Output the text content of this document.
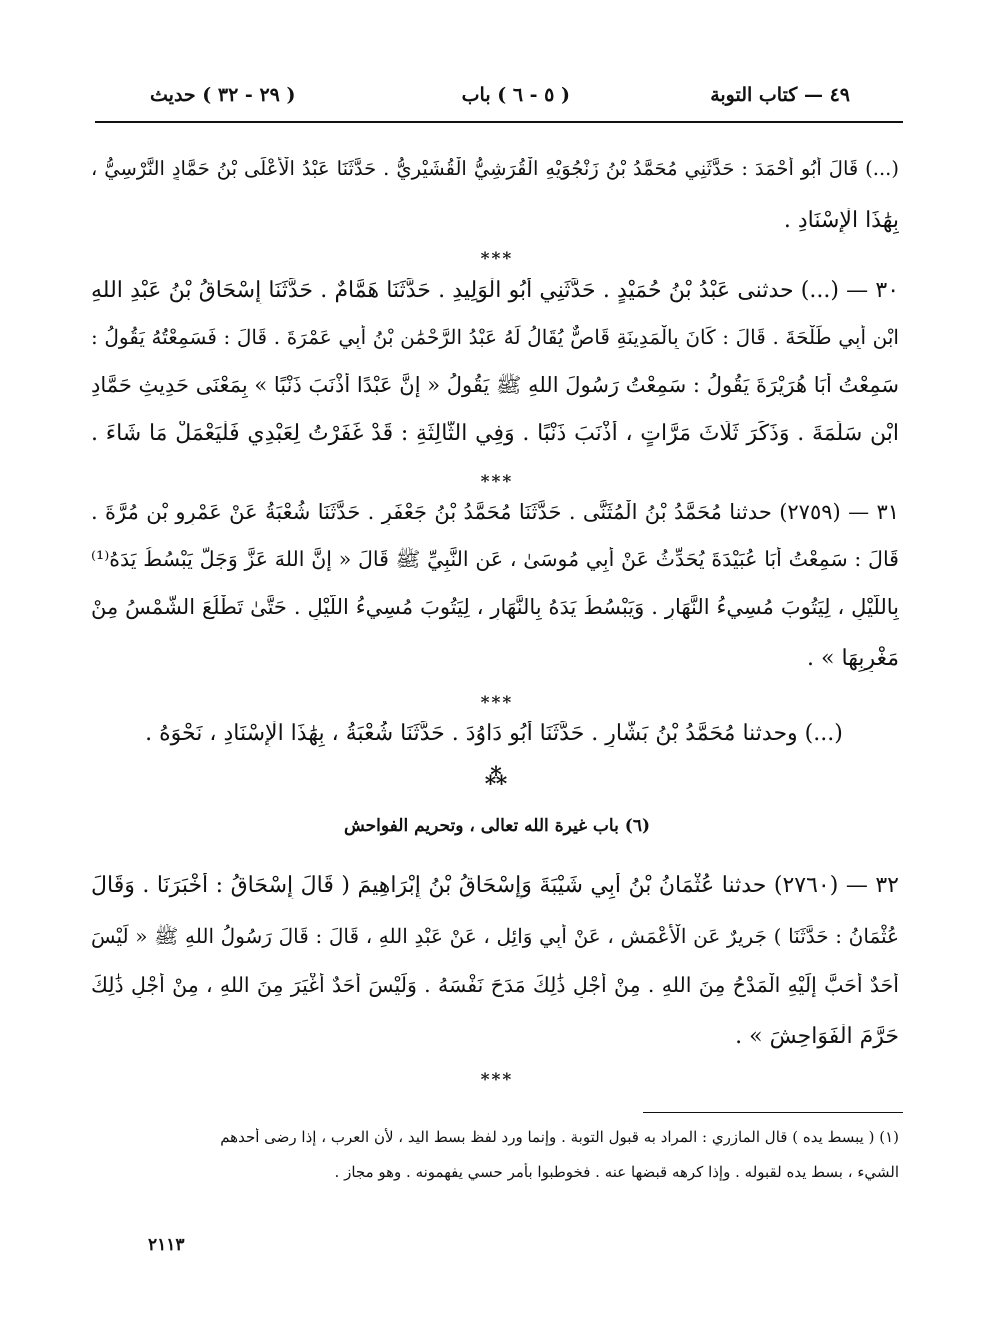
٤٩ — كتاب التوبة
( ٥ - ٦ ) باب
( ٢٩ - ٣٢ ) حديث
(...) قَالَ أَبُو أَحْمَدَ : حَدَّثَنِي مُحَمَّدُ بْنُ زَنْجُوَيْهِ الْقُرَشِيُّ الْقُشَيْرِيُّ . حَدَّثَنَا عَبْدُ الْأَعْلَى بْنُ حَمَّادٍ النَّرْسِيُّ ،
بِهَٰذَا الْإِسْنَادِ .
***
٣٠ — (...) حدثنى عَبْدُ بْنُ حُمَيْدٍ . حَدَّثَنِي أَبُو الْوَلِيدِ . حَدَّثَنَا هَمَّامٌ . حَدَّثَنَا إِسْحَاقُ بْنُ عَبْدِ اللهِ
ابْنِ أَبِي طَلْحَةَ . قَالَ : كَانَ بِالْمَدِينَةِ قَاصٌّ يُقَالُ لَهُ عَبْدُ الرَّحْمَٰنِ بْنُ أَبِي عَمْرَةَ . قَالَ : فَسَمِعْتُهُ يَقُولُ :
سَمِعْتُ أَبَا هُرَيْرَةَ يَقُولُ : سَمِعْتُ رَسُولَ اللهِ ﷺ يَقُولُ « إِنَّ عَبْدًا أَذْنَبَ ذَنْبًا » بِمَعْنَى حَدِيثِ حَمَّادِ
ابْنِ سَلَمَةَ . وَذَكَرَ ثَلَاثَ مَرَّاتٍ ، أَذْنَبَ ذَنْبًا . وَفِي الثَّالِثَةِ : قَدْ غَفَرْتُ لِعَبْدِي فَلْيَعْمَلْ مَا شَاءَ .
***
٣١ — (٢٧٥٩) حدثنا مُحَمَّدُ بْنُ الْمُثَنَّى . حَدَّثَنَا مُحَمَّدُ بْنُ جَعْفَرٍ . حَدَّثَنَا شُعْبَةُ عَنْ عَمْرِو بْنِ مُرَّةَ .
قَالَ : سَمِعْتُ أَبَا عُبَيْدَةَ يُحَدِّثُ عَنْ أَبِي مُوسَىٰ ، عَنِ النَّبِيِّ ﷺ قَالَ « إِنَّ اللهَ عَزَّ وَجَلَّ يَبْسُطُ يَدَهُ⁽¹⁾
بِاللَّيْلِ ، لِيَتُوبَ مُسِيءُ النَّهَارِ . وَيَبْسُطُ يَدَهُ بِالنَّهَارِ ، لِيَتُوبَ مُسِيءُ اللَّيْلِ . حَتَّىٰ تَطْلُعَ الشَّمْسُ مِنْ
مَغْرِبِهَا » .
***
(...) وحدثنا مُحَمَّدُ بْنُ بَشَّارٍ . حَدَّثَنَا أَبُو دَاوُدَ . حَدَّثَنَا شُعْبَةُ ، بِهَٰذَا الْإِسْنَادِ ، نَحْوَهُ .
⁂
(٦) باب غيرة الله تعالى ، وتحريم الفواحش
٣٢ — (٢٧٦٠) حدثنا عُثْمَانُ بْنُ أَبِي شَيْبَةَ وَإِسْحَاقُ بْنُ إِبْرَاهِيمَ ( قَالَ إِسْحَاقُ : أَخْبَرَنَا . وَقَالَ
عُثْمَانُ : حَدَّثَنَا ) جَرِيرٌ عَنِ الْأَعْمَشِ ، عَنْ أَبِي وَائِلٍ ، عَنْ عَبْدِ اللهِ ، قَالَ : قَالَ رَسُولُ اللهِ ﷺ « لَيْسَ
أَحَدٌ أَحَبَّ إِلَيْهِ الْمَدْحُ مِنَ اللهِ . مِنْ أَجْلِ ذَٰلِكَ مَدَحَ نَفْسَهُ . وَلَيْسَ أَحَدٌ أَغْيَرَ مِنَ اللهِ ، مِنْ أَجْلِ ذَٰلِكَ
حَرَّمَ الْفَوَاحِشَ » .
***
(١) ( يبسط يده ) قال المازري : المراد به قبول التوبة . وإنما ورد لفظ بسط اليد ، لأن العرب ، إذا رضى أحدهم
الشيء ، بسط يده لقبوله . وإذا كرهه قبضها عنه . فخوطبوا بأمر حسي يفهمونه . وهو مجاز .
٢١١٣
